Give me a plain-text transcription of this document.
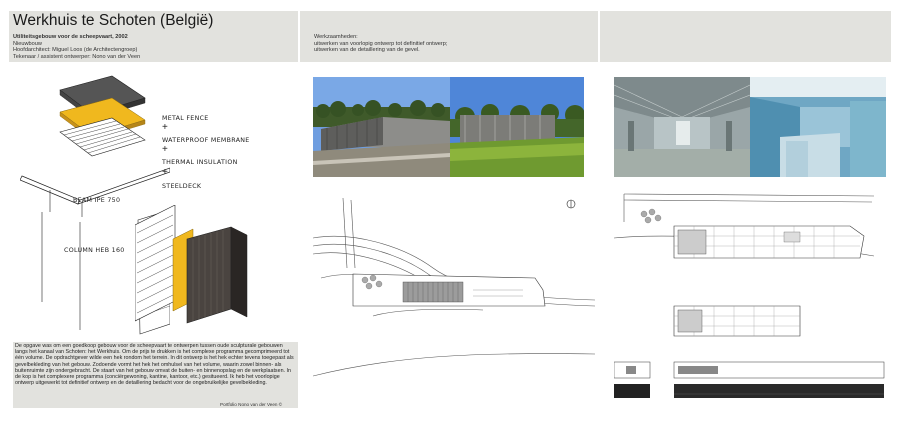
Werkhuis te Schoten (België)
Utiliteitsgebouw voor de scheepvaart, 2002
Nieuwbouw
Hoofdarchitect: Miguel Loos (de Architectengroep)
Tekenaar / assistent ontwerper: Nono van der Veen
Werkzaamheden:
uitwerken van voorlopig ontwerp tot definitief ontwerp;
uitwerken van de detaillering van de gevel.
METAL FENCE
+
WATERPROOF MEMBRANE
+
THERMAL INSULATION
+
STEELDECK
BEAM IPE 750
COLUMN HEB 160
De opgave was om een goedkoop gebouw voor de scheepvaart te ontwerpen tussen oude sculpturale gebouwen langs het kanaal van Schoten: het Werkhuis. Om de prijs te drukken is het complexe programma gecomprimeerd tot één volume. De opdrachtgever wilde een hek rondom het terrein. In dit ontwerp is het hek echter tevens toegepast als gevelbekleding van het gebouw. Zodoende vormt het hek het omhulsel van het volume, waarin zowel binnen- als buitenruimte zijn ondergebracht. De staart van het gebouw omvat de buiten- en binnenopslag en de werkplaatsen. In de kop is het complexere programma (conciërgewoning, kantine, kantoor, etc.) gesitueerd. Ik heb het voorlopige ontwerp uitgewerkt tot definitief ontwerp en de detaillering bedacht voor de ongebruikelijke gevelbekleding.
Portfolio Nono van der Veen ©
